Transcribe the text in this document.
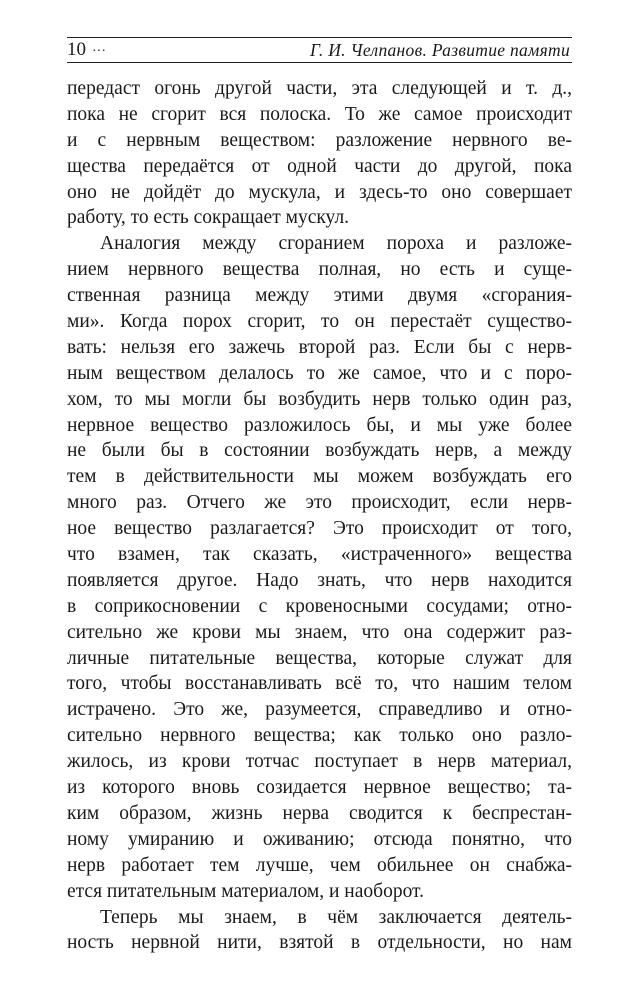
10 ···	Г. И. Челпанов. Развитие памяти
передаст огонь другой части, эта следующей и т. д.,
пока не сгорит вся полоска. То же самое происходит
и с нервным веществом: разложение нервного ве-
щества передаётся от одной части до другой, пока
оно не дойдёт до мускула, и здесь-то оно совершает
работу, то есть сокращает мускул.
Аналогия между сгоранием пороха и разложе-
нием нервного вещества полная, но есть и суще-
ственная разница между этими двумя «сгорания-
ми». Когда порох сгорит, то он перестаёт существо-
вать: нельзя его зажечь второй раз. Если бы с нерв-
ным веществом делалось то же самое, что и с поро-
хом, то мы могли бы возбудить нерв только один раз,
нервное вещество разложилось бы, и мы уже более
не были бы в состоянии возбуждать нерв, а между
тем в действительности мы можем возбуждать его
много раз. Отчего же это происходит, если нерв-
ное вещество разлагается? Это происходит от того,
что взамен, так сказать, «истраченного» вещества
появляется другое. Надо знать, что нерв находится
в соприкосновении с кровеносными сосудами; отно-
сительно же крови мы знаем, что она содержит раз-
личные питательные вещества, которые служат для
того, чтобы восстанавливать всё то, что нашим телом
истрачено. Это же, разумеется, справедливо и отно-
сительно нервного вещества; как только оно разло-
жилось, из крови тотчас поступает в нерв материал,
из которого вновь созидается нервное вещество; та-
ким образом, жизнь нерва сводится к беспрестан-
ному умиранию и оживанию; отсюда понятно, что
нерв работает тем лучше, чем обильнее он снабжа-
ется питательным материалом, и наоборот.
Теперь мы знаем, в чём заключается деятель-
ность нервной нити, взятой в отдельности, но нам
